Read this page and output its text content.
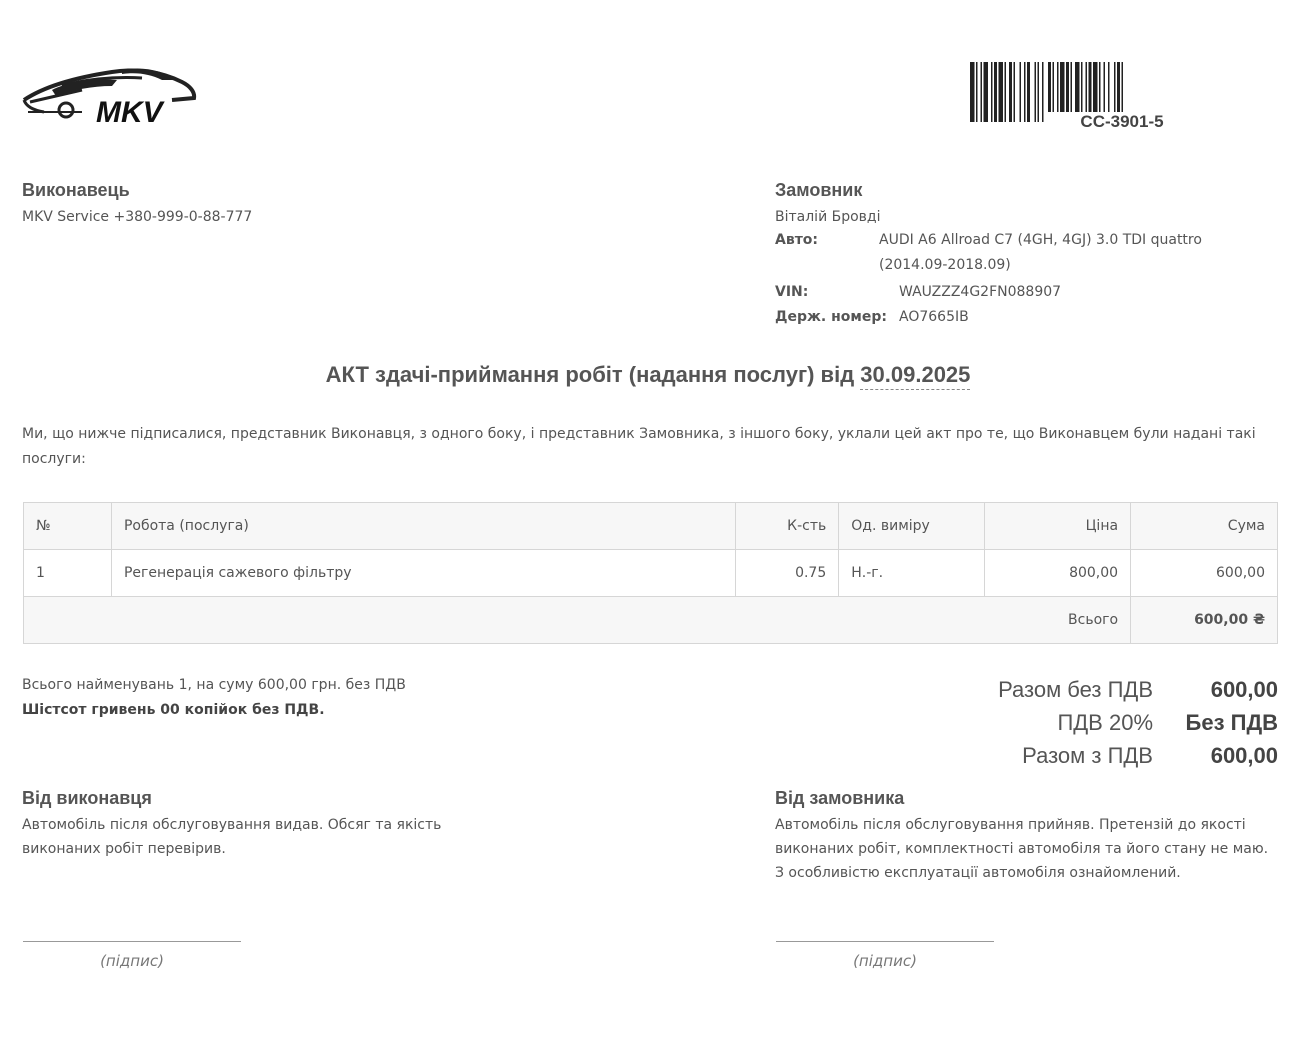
MKV	CC-3901-5
Виконавець
MKV Service +380-999-0-88-777
Замовник
Віталій Бровді
Авто:	AUDI A6 Allroad C7 (4GH, 4GJ) 3.0 TDI quattro
(2014.09-2018.09)
VIN:	WAUZZZ4G2FN088907
Держ. номер: AO7665IB
АКТ здачі-приймання робіт (надання послуг) від 30.09.2025
Ми, що нижче підписалися, представник Виконавця, з одного боку, і представник Замовника, з іншого боку, уклали цей акт про те, що Виконавцем були надані такі послуги:
№	Робота (послуга)	К-сть	Од. виміру	Ціна	Сума
1	Регенерація сажевого фільтру	0.75	Н.-г.	800,00	600,00
Всього					600,00 ₴
Всього найменувань 1, на суму 600,00 грн. без ПДВ
Шістсот гривень 00 копійок без ПДВ.
Разом без ПДВ	600,00
ПДВ 20%	Без ПДВ
Разом з ПДВ	600,00
Від виконавця
Автомобіль після обслуговування видав. Обсяг та якість виконаних робіт перевірив.
(підпис)
Від замовника
Автомобіль після обслуговування прийняв. Претензій до якості виконаних робіт, комплектності автомобіля та його стану не маю. З особливістю експлуатації автомобіля ознайомлений.
(підпис)
